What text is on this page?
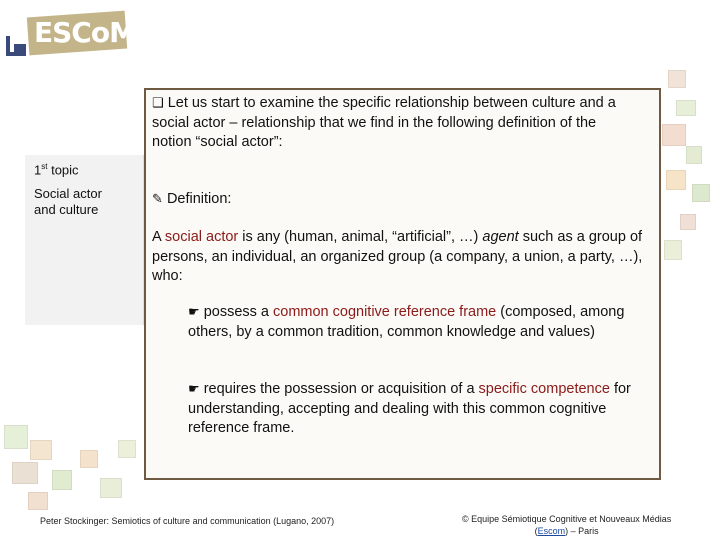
ESCoM
1st topic
Social actor
and culture
❑ Let us start to examine the specific relationship between culture and a social actor – relationship that we find in the following definition of the notion “social actor”:
✎ Definition:
A social actor is any (human, animal, “artificial”, …) agent such as a group of persons, an individual, an organized group (a company, a union, a party, …), who:
☛ possess a common cognitive reference frame (composed, among others, by a common tradition, common knowledge and values)
☛ requires the possession or acquisition of a specific competence for understanding, accepting and dealing with this common cognitive reference frame.
Peter Stockinger: Semiotics of culture and communication (Lugano, 2007)	© Equipe Sémiotique Cognitive et Nouveaux Médias
(Escom) – Paris
